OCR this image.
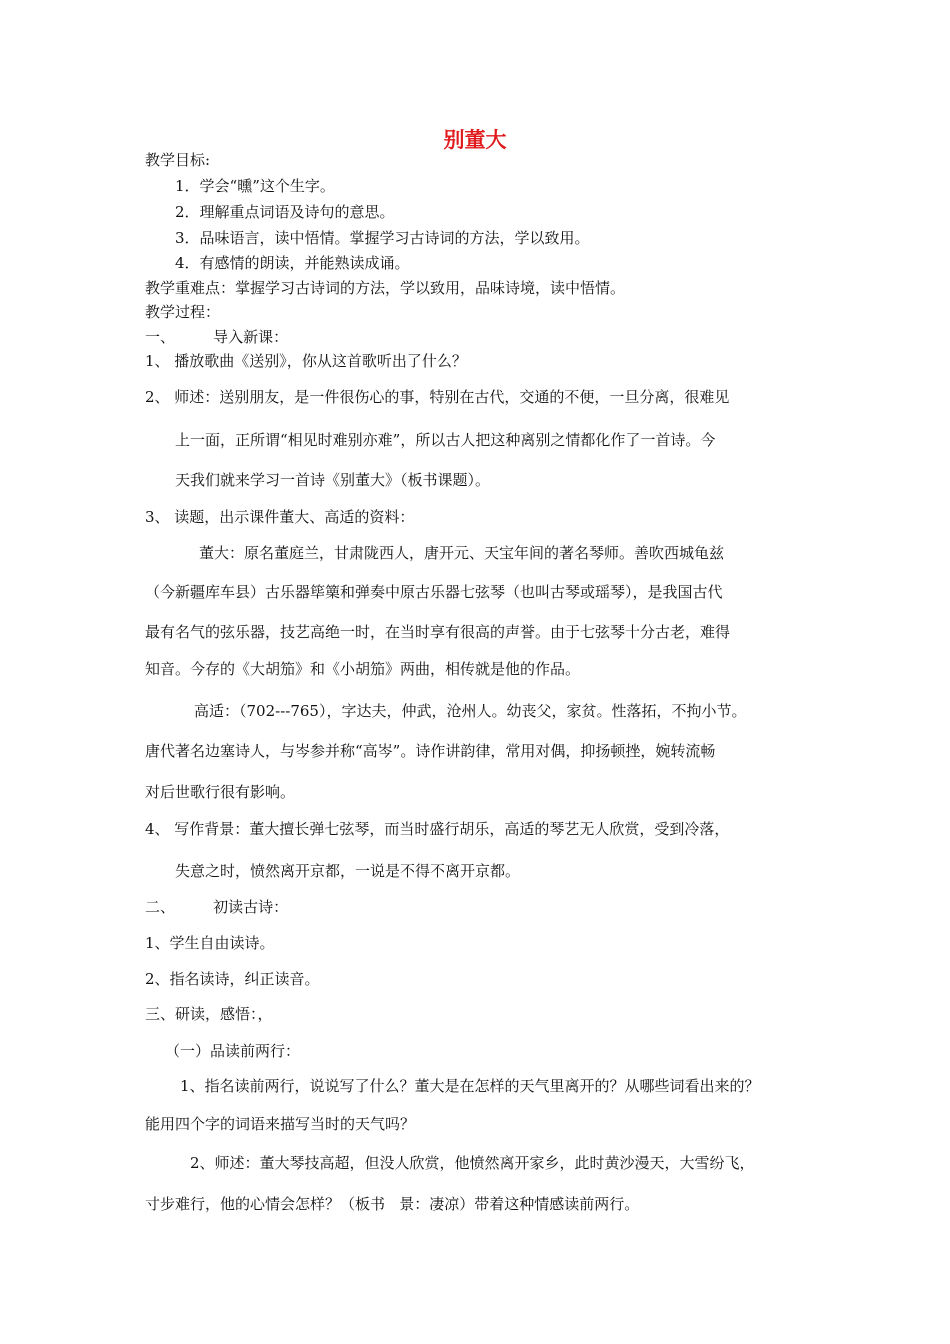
别董大
教学目标:
1．学会“曛”这个生字。
2．理解重点词语及诗句的意思。
3．品味语言，读中悟情。掌握学习古诗词的方法，学以致用。
4．有感情的朗读，并能熟读成诵。
教学重难点：掌握学习古诗词的方法，学以致用，品味诗境，读中悟情。
教学过程：
一、        导入新课：
1、 播放歌曲《送别》，你从这首歌听出了什么？
2、 师述：送别朋友，是一件很伤心的事，特别在古代，交通的不便，一旦分离，很难见
上一面，正所谓“相见时难别亦难”，所以古人把这种离别之情都化作了一首诗。今
天我们就来学习一首诗《别董大》（板书课题）。
3、 读题，出示课件董大、高适的资料：
董大：原名董庭兰，甘肃陇西人，唐开元、天宝年间的著名琴师。善吹西城龟兹
（今新疆库车县）古乐器筚篥和弹奏中原古乐器七弦琴（也叫古琴或瑶琴），是我国古代
最有名气的弦乐器，技艺高绝一时，在当时享有很高的声誉。由于七弦琴十分古老，难得
知音。今存的《大胡笳》和《小胡笳》两曲，相传就是他的作品。
高适：（702---765），字达夫，仲武，沧州人。幼丧父，家贫。性落拓，不拘小节。
唐代著名边塞诗人，与岑参并称“高岑”。诗作讲韵律，常用对偶，抑扬顿挫，婉转流畅
对后世歌行很有影响。
4、 写作背景：董大擅长弹七弦琴，而当时盛行胡乐，高适的琴艺无人欣赏，受到冷落，
失意之时，愤然离开京都，一说是不得不离开京都。
二、        初读古诗：
1、学生自由读诗。
2、指名读诗，纠正读音。
三、研读，感悟：，
（一）品读前两行：
1、指名读前两行，说说写了什么？董大是在怎样的天气里离开的？从哪些词看出来的？
能用四个字的词语来描写当时的天气吗？
2、师述：董大琴技高超，但没人欣赏，他愤然离开家乡，此时黄沙漫天，大雪纷飞，
寸步难行，他的心情会怎样？（板书   景：凄凉）带着这种情感读前两行。
